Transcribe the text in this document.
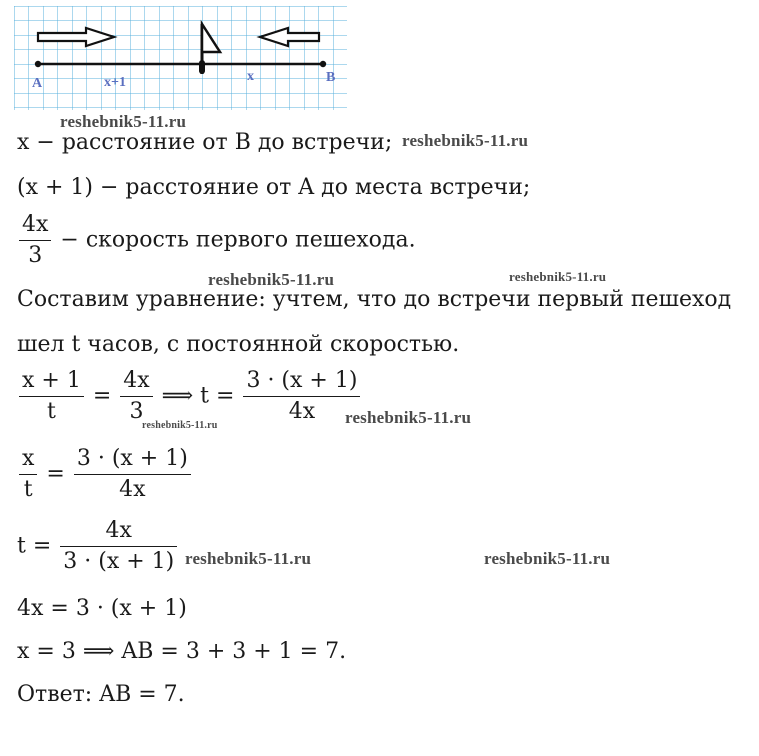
A	x+1	x	B
x − расстояние от B до встречи;
(x + 1) − расстояние от A до места встречи;
$\frac{4x}{3}$ − скорость первого пешехода.
Составим уравнение: учтем, что до встречи первый пешеход
шел t часов, с постоянной скоростью.
$\frac{x + 1}{t} = \frac{4x}{3}$ ⟹ $t = \frac{3 \cdot (x + 1)}{4x}$
$\frac{x}{t} = \frac{3 \cdot (x + 1)}{4x}$
$t = \frac{4x}{3 \cdot (x + 1)}$
4x = 3 · (x + 1)
x = 3 ⟹ AB = 3 + 3 + 1 = 7.
Ответ: AB = 7.
reshebnik5-11.ru
reshebnik5-11.ru
reshebnik5-11.ru	reshebnik5-11.ru
reshebnik5-11.ru	reshebnik5-11.ru
reshebnik5-11.ru	reshebnik5-11.ru
